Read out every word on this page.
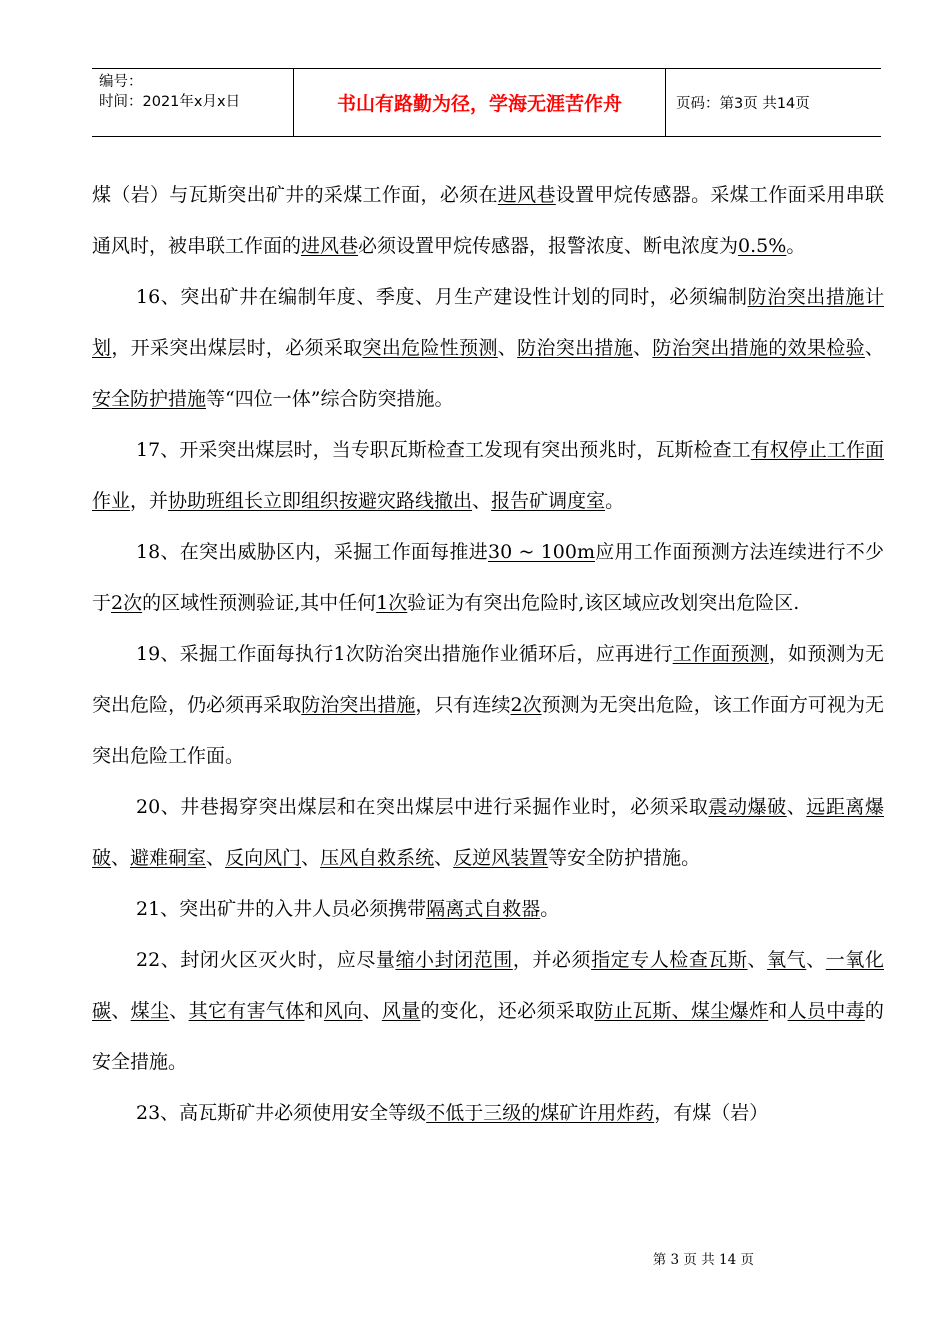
编号：
时间：2021年x月x日	书山有路勤为径，学海无涯苦作舟	页码：第3页 共14页

煤（岩）与瓦斯突出矿井的采煤工作面，必须在进风巷设置甲烷传感器。采煤工作面采用串联通风时，被串联工作面的进风巷必须设置甲烷传感器，报警浓度、断电浓度为0.5%。

16、突出矿井在编制年度、季度、月生产建设性计划的同时，必须编制防治突出措施计划，开采突出煤层时，必须采取突出危险性预测、防治突出措施、防治突出措施的效果检验、安全防护措施等“四位一体”综合防突措施。

17、开采突出煤层时，当专职瓦斯检查工发现有突出预兆时，瓦斯检查工有权停止工作面作业，并协助班组长立即组织按避灾路线撤出、报告矿调度室。

18、在突出威胁区内，采掘工作面每推进30 ~ 100m应用工作面预测方法连续进行不少于2次的区域性预测验证,其中任何1次验证为有突出危险时,该区域应改划突出危险区.

19、采掘工作面每执行1次防治突出措施作业循环后，应再进行工作面预测，如预测为无突出危险，仍必须再采取防治突出措施，只有连续2次预测为无突出危险，该工作面方可视为无突出危险工作面。

20、井巷揭穿突出煤层和在突出煤层中进行采掘作业时，必须采取震动爆破、远距离爆破、避难硐室、反向风门、压风自救系统、反逆风装置等安全防护措施。

21、突出矿井的入井人员必须携带隔离式自救器。

22、封闭火区灭火时，应尽量缩小封闭范围，并必须指定专人检查瓦斯、氧气、一氧化碳、煤尘、其它有害气体和风向、风量的变化，还必须采取防止瓦斯、煤尘爆炸和人员中毒的安全措施。

23、高瓦斯矿井必须使用安全等级不低于三级的煤矿许用炸药，有煤（岩）

第 3 页 共 14 页
